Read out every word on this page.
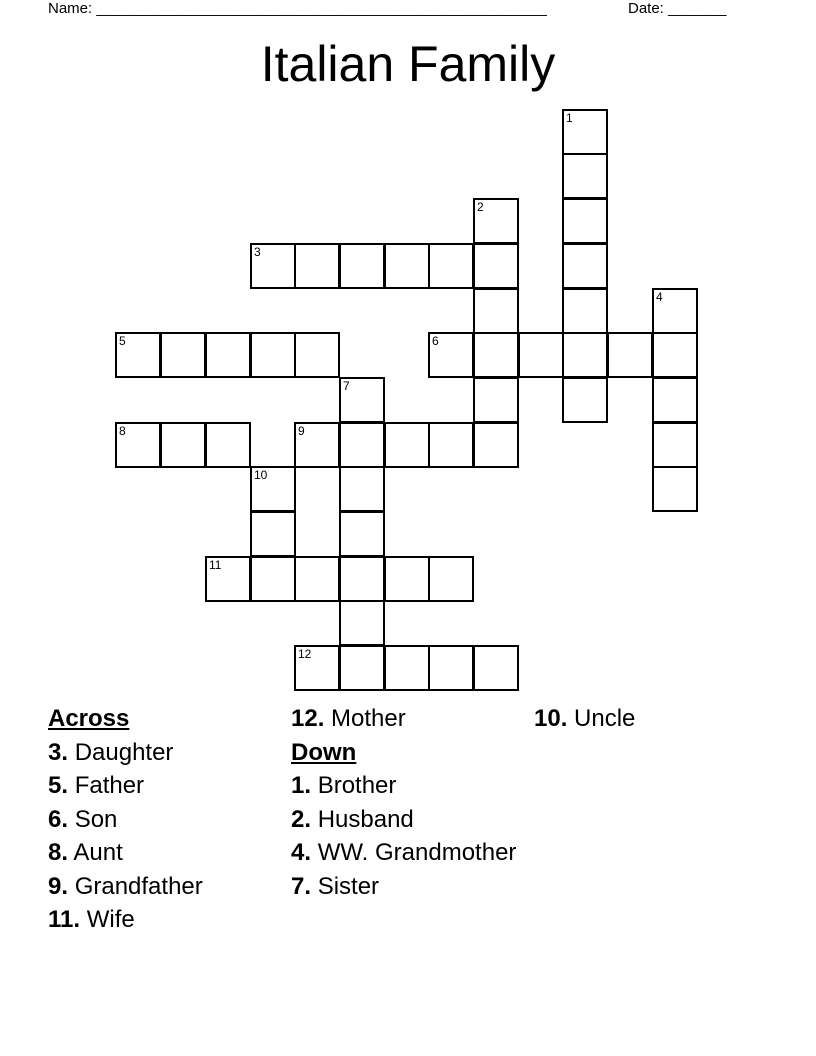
Name: ______________________________________________________	Date: _______
Italian Family
1
2
3
4
5	6
7
8	9
10
11
12
Across
3. Daughter
5. Father
6. Son
8. Aunt
9. Grandfather
11. Wife
12. Mother
Down
1. Brother
2. Husband
4. WW. Grandmother
7. Sister
10. Uncle
